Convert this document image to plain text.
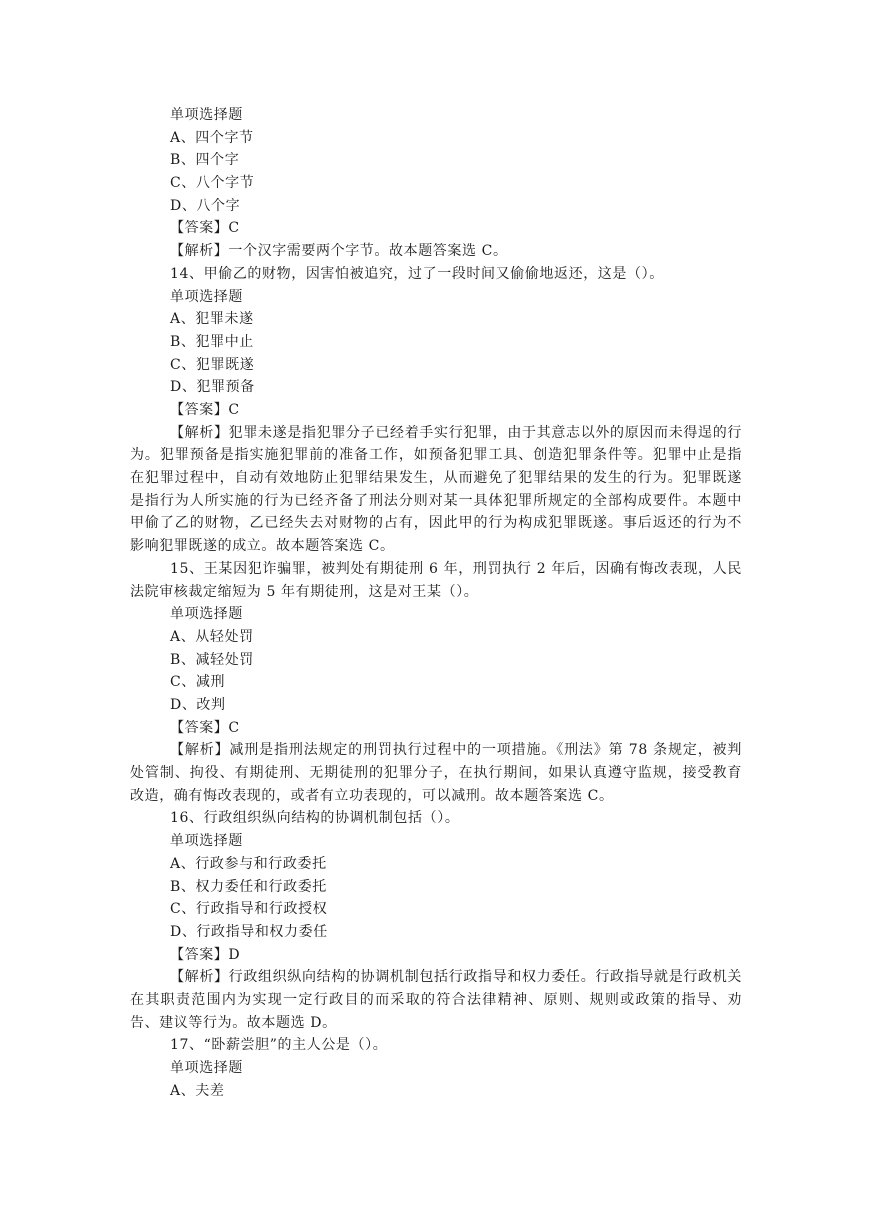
单项选择题
A、四个字节
B、四个字
C、八个字节
D、八个字
【答案】C
【解析】一个汉字需要两个字节。故本题答案选 C。
14、甲偷乙的财物，因害怕被追究，过了一段时间又偷偷地返还，这是（）。
单项选择题
A、犯罪未遂
B、犯罪中止
C、犯罪既遂
D、犯罪预备
【答案】C
【解析】犯罪未遂是指犯罪分子已经着手实行犯罪，由于其意志以外的原因而未得逞的行为。犯罪预备是指实施犯罪前的准备工作，如预备犯罪工具、创造犯罪条件等。犯罪中止是指在犯罪过程中，自动有效地防止犯罪结果发生，从而避免了犯罪结果的发生的行为。犯罪既遂是指行为人所实施的行为已经齐备了刑法分则对某一具体犯罪所规定的全部构成要件。本题中甲偷了乙的财物，乙已经失去对财物的占有，因此甲的行为构成犯罪既遂。事后返还的行为不影响犯罪既遂的成立。故本题答案选 C。
15、王某因犯诈骗罪，被判处有期徒刑 6 年，刑罚执行 2 年后，因确有悔改表现，人民法院审核裁定缩短为 5 年有期徒刑，这是对王某（）。
单项选择题
A、从轻处罚
B、减轻处罚
C、减刑
D、改判
【答案】C
【解析】减刑是指刑法规定的刑罚执行过程中的一项措施。《刑法》第 78 条规定，被判处管制、拘役、有期徒刑、无期徒刑的犯罪分子，在执行期间，如果认真遵守监规，接受教育改造，确有悔改表现的，或者有立功表现的，可以减刑。故本题答案选 C。
16、行政组织纵向结构的协调机制包括（）。
单项选择题
A、行政参与和行政委托
B、权力委任和行政委托
C、行政指导和行政授权
D、行政指导和权力委任
【答案】D
【解析】行政组织纵向结构的协调机制包括行政指导和权力委任。行政指导就是行政机关在其职责范围内为实现一定行政目的而采取的符合法律精神、原则、规则或政策的指导、劝告、建议等行为。故本题选 D。
17、“卧薪尝胆”的主人公是（）。
单项选择题
A、夫差
